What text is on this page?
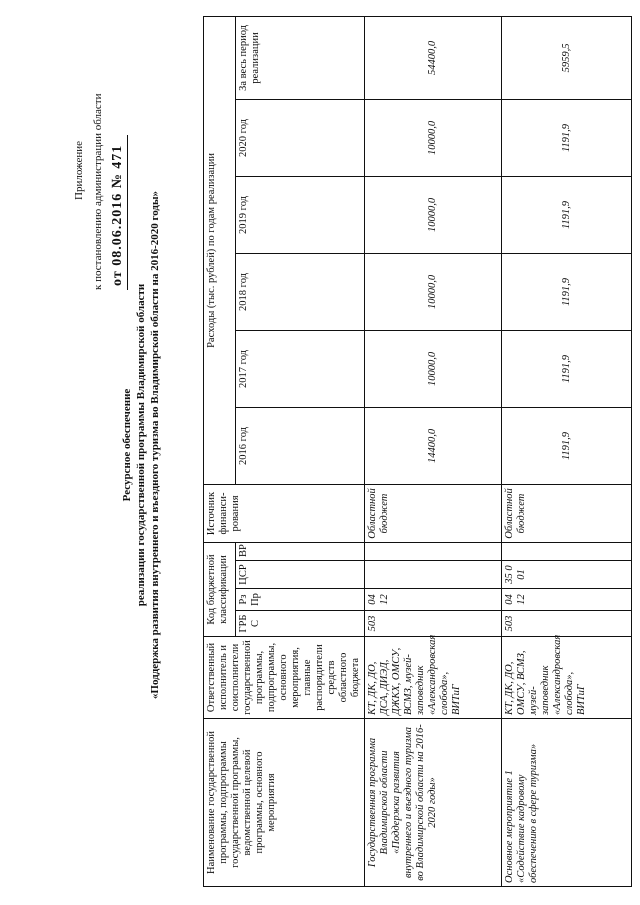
Приложение к постановлению администрации области от 08.06.2016 № 471
Ресурсное обеспечение реализации государственной программы Владимирской области «Поддержка развития внутреннего и въездного туризма во Владимирской области на 2016-2020 годы»
Наименование государственной программы, подпрограммы государственной программы, ведомственной целевой программы, основного мероприятия	Ответственный исполнитель и соисполнители государственной программы, подпрограммы, основного мероприятия, главные распорядители средств областного бюджета	Код бюджетной классификации				Источник финанси-рования	Расходы (тыс. рублей) по годам реализации					
		ГРБ С	Рз Пр	ЦСР	ВР		2016 год	2017 год	2018 год	2019 год	2020 год	За весь период реализации

Государственная программа Владимирской области «Поддержка развития внутреннего и въездного туризма во Владимирской области на 2016-2020 годы»	КТ, ДК, ДО, ДСА, ДИЭД, ДЖКХ, ОМСУ, ВСМЗ, музей-заповедник «Александровская слобода», ВИТиГ	503	04 12			Областной бюджет	14400,0	10000,0	10000,0	10000,0	10000,0	54400,0
Основное мероприятие 1 «Содействие кадровому обеспечению в сфере туризма»	КТ, ДК, ДО, ОМСУ, ВСМЗ, музей-заповедник «Александровская слобода», ВИТиГ	503	04 12	35 0 01		Областной бюджет	1191,9	1191,9	1191,9	1191,9	1191,9	5959,5
